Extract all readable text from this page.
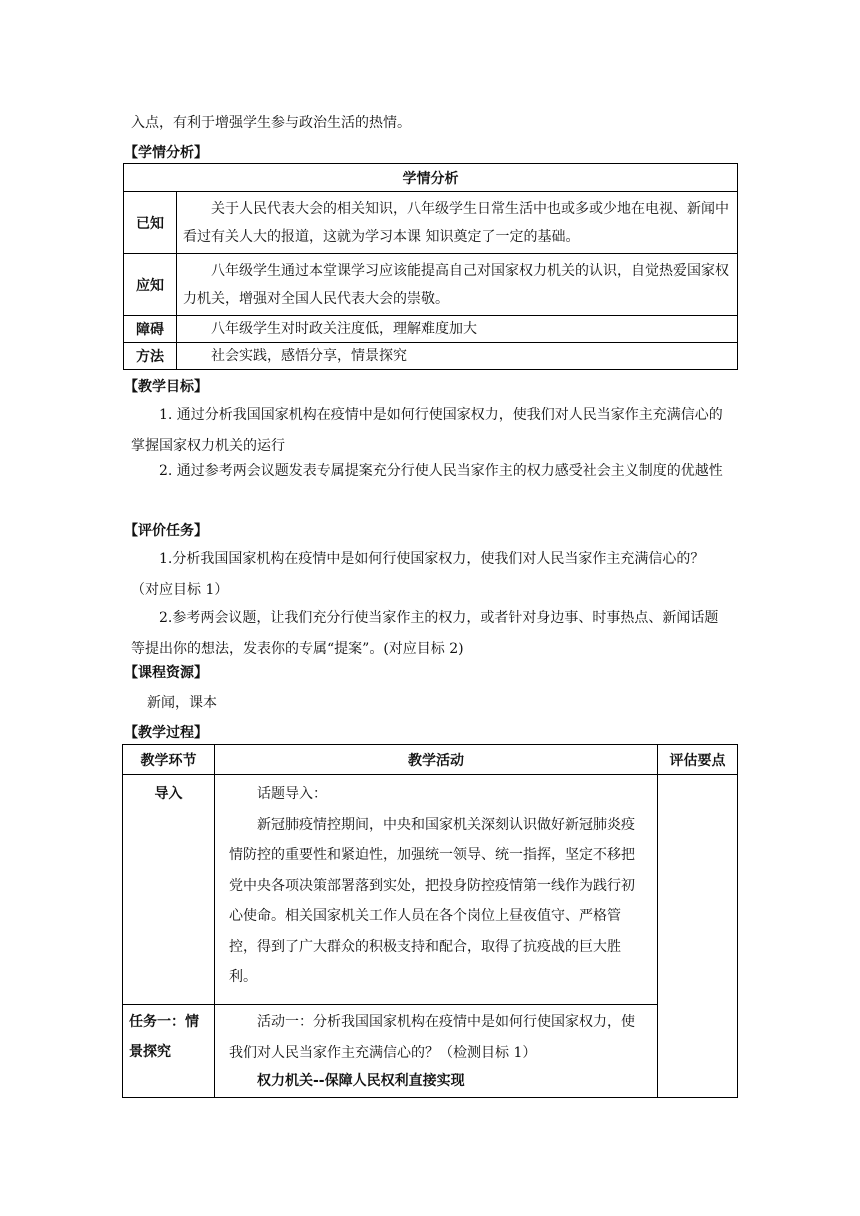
入点，有利于增强学生参与政治生活的热情。
【学情分析】
学情分析	
已知	关于人民代表大会的相关知识，八年级学生日常生活中也或多或少地在电视、新闻中看过有关人大的报道，这就为学习本课 知识奠定了一定的基础。
应知	八年级学生通过本堂课学习应该能提高自己对国家权力机关的认识，自觉热爱国家权力机关，增强对全国人民代表大会的崇敬。
障碍	八年级学生对时政关注度低，理解难度加大
方法	社会实践，感悟分享，情景探究
【教学目标】
1. 通过分析我国国家机构在疫情中是如何行使国家权力，使我们对人民当家作主充满信心的掌握国家权力机关的运行
2. 通过参考两会议题发表专属提案充分行使人民当家作主的权力感受社会主义制度的优越性
【评价任务】
1.分析我国国家机构在疫情中是如何行使国家权力，使我们对人民当家作主充满信心的？（对应目标 1）
2.参考两会议题，让我们充分行使当家作主的权力，或者针对身边事、时事热点、新闻话题等提出你的想法，发表你的专属“提案”。(对应目标 2)
【课程资源】
新闻，课本
【教学过程】
教学环节	教学活动	评估要点
导入	话题导入：
新冠肺疫情控期间，中央和国家机关深刻认识做好新冠肺炎疫情防控的重要性和紧迫性，加强统一领导、统一指挥，坚定不移把党中央各项决策部署落到实处，把投身防控疫情第一线作为践行初心使命。相关国家机关工作人员在各个岗位上昼夜值守、严格管控，得到了广大群众的积极支持和配合，取得了抗疫战的巨大胜利。	

任务一：情景探究	活动一：分析我国国家机构在疫情中是如何行使国家权力，使我们对人民当家作主充满信心的？（检测目标 1）
权力机关--保障人民权利直接实现	
